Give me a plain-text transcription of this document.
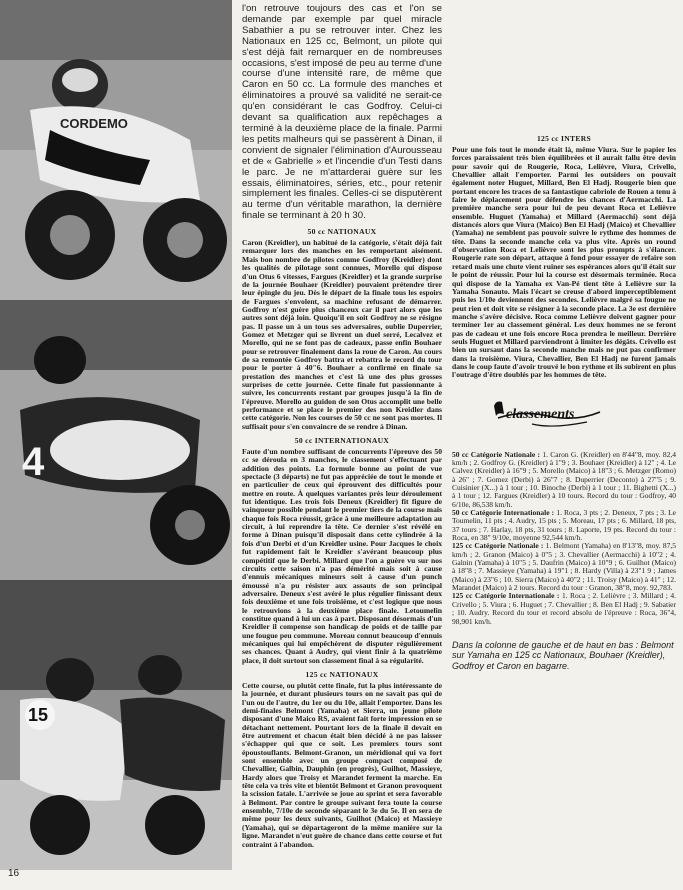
CORDEMO
4
15
16

l'on retrouve toujours des cas et l'on se demande par exemple par quel miracle Sabathier a pu se retrouver inter. Chez les Nationaux en 125 cc, Belmont, un pilote qui s'est déjà fait remarquer en de nombreuses occasions, s'est imposé de peu au terme d'une course d'une intensité rare, de même que Caron en 50 cc. La formule des manches et éliminatoires a prouvé sa validité ne serait-ce qu'en considérant le cas Godfroy. Celui-ci devant sa qualification aux repêchages a terminé à la deuxième place de la finale. Parmi les petits malheurs qui se passèrent à Dinan, il convient de signaler l'élimination d'Aurousseau et de « Gabrielle » et l'incendie d'un Testi dans le parc. Je ne m'attarderai guère sur les essais, éliminatoires, séries, etc., pour retenir simplement les finales. Celles-ci se disputèrent au terme d'un véritable marathon, la dernière finale se terminant à 20 h 30.

50 cc NATIONAUX

Caron (Kreidler), un habitué de la catégorie, s'était déjà fait remarquer lors des manches en les remportant aisément. Mais bon nombre de pilotes comme Godfroy (Kreidler) dont les qualités de pilotage sont connues, Morello qui dispose d'un Otus 6 vitesses, Fargues (Kreidler) et la grande surprise de la journée Bouhaer (Kreidler) pouvaient prétendre tirer leur épingle du jeu. Dès le départ de la finale tous les espoirs de Fargues s'envolent, sa machine refusant de démarrer. Godfroy n'est guère plus chanceux car il part alors que les autres sont déjà loin. Quoiqu'il en soit Godfroy ne se résigne pas. Il passe un à un tous ses adversaires, oublie Duperrier, Gomez et Metzger qui se livrent un duel serré, Lecalvez et Morello, qui ne se font pas de cadeaux, passe enfin Bouhaer pour se retrouver finalement dans la roue de Caron. Au cours de sa remontée Godfroy battra et rebattra le record du tour pour le porter à 40"6. Bouhaer a confirmé en finale sa prestation des manches et c'est là une des plus grosses surprises de cette journée. Cette finale fut passionnante à suivre, les concurrents restant par groupes jusqu'à la fin de l'épreuve. Morello au guidon de son Otus accomplit une belle performance et se place le premier des non Kreidler dans cette catégorie. Non les courses de 50 cc ne sont pas mortes. Il suffisait pour s'en convaincre de se rendre à Dinan.

50 cc INTERNATIONAUX

Faute d'un nombre suffisant de concurrents l'épreuve des 50 cc se déroula en 3 manches, le classement s'effectuant par addition des points. La formule bonne au point de vue spectacle (3 départs) ne fut pas appréciée de tout le monde et en particulier de ceux qui éprouvent des difficultés pour mettre en route. À quelques variantes près leur déroulement fut identique. Les trois fois Deneux (Kreidler) fit figure de vainqueur possible pendant le premier tiers de la course mais chaque fois Roca réussit, grâce à une meilleure adaptation au circuit, à lui reprendre la tête. Ce dernier s'est révélé en forme à Dinan puisqu'il disposait dans cette cylindrée à la fois d'un Derbi et d'un Kreidler usine. Pour Jacques le choix fut rapidement fait le Kreidler s'avérant beaucoup plus compétitif que le Derbi. Millard que l'on a guère vu sur nos circuits cette saison n'a pas démérité mais soit à cause d'ennuis mécaniques mineurs soit à cause d'un punch émoussé n'a pu résister aux assauts de son principal adversaire. Deneux s'est avéré le plus régulier finissant deux fois deuxième et une fois troisième, et c'est logique que nous le retrouvions à la deuxième place finale. Letoumelin constitue quand à lui un cas à part. Disposant désormais d'un Kreidler il compense son handicap de poids et de taille par une fougue peu commune. Moreau connut beaucoup d'ennuis mécaniques qui lui empêchèrent de disputer régulièrement ses chances. Quant à Audry, qui vient finir à la quatrième place, il doit surtout son classement final à sa régularité.

125 cc NATIONAUX

Cette course, ou plutôt cette finale, fut la plus intéressante de la journée, et durant plusieurs tours on ne savait pas qui de l'un ou de l'autre, du 1er ou du 10e, allait l'emporter. Dans les demi-finales Belmont (Yamaha) et Sierra, un jeune pilote disposant d'une Maico RS, avaient fait forte impression en se détachant nettement. Pourtant lors de la finale il devait en être autrement et chacun était bien décidé à ne pas laisser s'échapper qui que ce soit. Les premiers tours sont époustouflants. Belmont-Granon, un méridional qui va fort sont ensemble avec un groupe compact composé de Chevallier, Galbin, Dauphin (en progrès), Guilhot, Massieye, Hardy alors que Troisy et Marandet ferment la marche. En tête cela va très vite et bientôt Belmont et Granon provoquent la scission fatale. L'arrivée se joue au sprint et sera favorable à Belmont. Par contre le groupe suivant fera toute la course ensemble, 7/10e de seconde séparant le 3e du 5e. Il en sera de même pour les deux suivants, Guilhot (Maico) et Massieye (Yamaha), qui se départageront de la même manière sur la ligne. Marandet n'eut guère de chance dans cette course et fut contraint à l'abandon.

125 cc INTERS

Pour une fois tout le monde était là, même Viura. Sur le papier les forces paraissaient très bien équilibrées et il aurait fallu être devin pour savoir qui de Rougerie, Roca, Lelièvre, Viura, Crivello, Chevallier allait l'emporter. Parmi les outsiders on pouvait également noter Huguet, Millard, Ben El Hadj. Rougerie bien que portant encore les traces de sa fantastique cabriole de Rouen a tenu à faire le déplacement pour défendre les chances d'Aermacchi. La première manche sera pour lui de peu devant Roca et Lelièvre ensemble. Huguet (Yamaha) et Millard (Aermacchi) sont déjà distancés alors que Viura (Maico) Ben El Hadj (Maico) et Chevallier (Yamaha) ne semblent pas pouvoir suivre le rythme des hommes de tête. Dans la seconde manche cela va plus vite. Après un round d'observation Roca et Lelièvre sont les plus prompts à s'élancer. Rougerie rate son départ, attaque à fond pour essayer de refaire son retard mais une chute vient ruiner ses espérances alors qu'il était sur le point de réussir. Pour lui la course est désormais terminée. Roca qui dispose de la Yamaha ex Van-Pé tient tête à Lelièvre sur la Yamaha Sonauto. Mais l'écart se creuse d'abord imperceptiblement puis les 1/10e deviennent des secondes. Lelièvre malgré sa fougue ne peut rien et doit vite se résigner à la seconde place. La 3e est dernière manche s'avère décisive. Roca comme Lelièvre doivent gagner pour terminer 1er au classement général. Les deux hommes ne se feront pas de cadeau et une fois encore Roca prendra le meilleur. Derrière seuls Huguet et Millard parviendront à limiter les dégâts. Crivello est bien un sursaut dans la seconde manche mais ne put pas confirmer dans la troisième. Viura, Chevallier, Ben El Hadj ne furent jamais dans le coup faute d'avoir trouvé le bon rythme et ils subirent en plus l'outrage d'être doublés par les hommes de tête.

classements

50 cc Catégorie Nationale : 1. Caron G. (Kreidler) en 8'44"8, moy. 82,4 km/h ; 2. Godfroy G. (Kreidler) à 1"9 ; 3. Bouhaer (Kreidler) à 12" ; 4. Le Calvez (Kreidler) à 16"9 ; 5. Morello (Maico) à 18"3 ; 6. Metzger (Romo) à 26" ; 7. Gomez (Derbi) à 26"7 ; 8. Duperrier (Deconto) à 27"5 ; 9. Cuisinier (X...) à 1 tour ; 10. Binoche (Derbi) à 1 tour ; 11. Bighetti (X...) à 1 tour ; 12. Fargues (Kreidler) à 10 tours. Record du tour : Godfroy, 40 6/10e, 86,538 km/h.

50 cc Catégorie Internationale : 1. Roca, 3 pts ; 2. Deneux, 7 pts ; 3. Le Toumelin, 11 pts ; 4. Audry, 15 pts ; 5. Moreau, 17 pts ; 6. Millard, 18 pts, 37 tours ; 7. Harlay, 18 pts, 31 tours ; 8. Laporte, 19 pts. Record du tour : Roca, en 38" 9/10e, moyenne 92,544 km/h.

125 cc Catégorie Nationale : 1. Belmont (Yamaha) en 8'13"8, moy. 87,5 km/h ; 2. Granon (Maico) à 0"5 ; 3. Chevallier (Aermacchi) à 10"2 ; 4. Galnin (Yamaha) à 10"5 ; 5. Daufrin (Maico) à 10"9 ; 6. Guilhot (Maico) à 18"8 ; 7. Massieye (Yamaha) à 19"1 ; 8. Hardy (Villa) à 23"1 9 ; James (Maico) à 23"6 ; 10. Sierra (Maico) à 40"2 ; 11. Troisy (Maico) à 41" ; 12. Marandet (Maico) à 2 tours. Record du tour : Granon, 38"8, moy. 92,783.

125 cc Catégorie Internationale : 1. Roca ; 2. Lelièvre ; 3. Millard ; 4. Crivello ; 5. Viura ; 6. Huguet ; 7. Chevallier ; 8. Ben El Hadj ; 9. Sabatier ; 10. Audry. Record du tour et record absolu de l'épreuve : Roca, 36"4, 98,901 km/h.

Dans la colonne de gauche et de haut en bas : Belmont sur Yamaha en 125 cc Nationaux, Bouhaer (Kreidler), Godfroy et Caron en bagarre.
